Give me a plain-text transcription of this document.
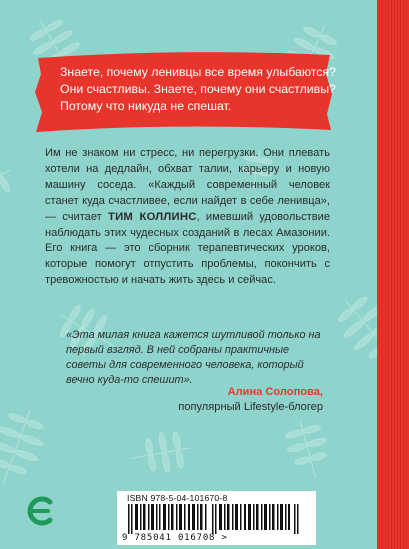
Знаете, почему ленивцы все время улыбаются?
Они счастливы. Знаете, почему они счастливы?
Потому что никуда не спешат.
Им не знаком ни стресс, ни перегрузки. Они плевать хотели на дедлайн, обхват талии, карьеру и новую машину соседа. «Каждый современный человек станет куда счастливее, если найдет в себе ленивца», — считает ТИМ КОЛЛИНС, имевший удовольствие наблюдать этих чудесных созданий в лесах Амазонии. Его книга — это сборник терапевтических уроков, которые помогут отпустить проблемы, покончить с тревожностью и начать жить здесь и сейчас.
«Эта милая книга кажется шутливой только на первый взгляд. В ней собраны практичные советы для современного человека, который вечно куда-то спешит».
Алина Солопова,
популярный Lifestyle-блогер
ISBN 978-5-04-101670-8
9 785041 016708 >
